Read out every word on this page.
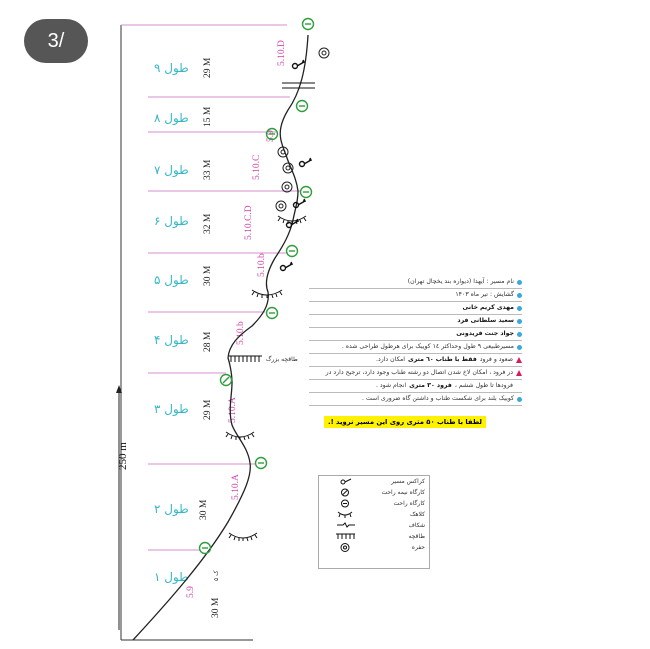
3/
250 m
طول ۹
طول ۸
طول ۷
طول ۶
طول ۵
طول ۴
طول ۳
طول ۲
طول ۱
29 M
15 M
33 M
32 M
30 M
28 M
29 M
30 M
30 M
۵ ک
5.10.D
5.9
5.10.C
5.10.C.D
5.10.b
5.10.b
5.10.A
5.10.A
5.9
طاقچه بزرگ
نام مسیر : آیهدا (دیواره بند یخچال تهران)
گشایش : تیر ماه ۱۴۰۳
مهدی کریم خانی
سعید سلطانی فرد
جواد جنت فریدونی
مسیر‌طبیعی ۹ طول وحداکثر ۱٤ کوییک برای هرطول طراحی شده .
صعود و فرود
فقط با طناب ٦٠ متری
امکان دارد.
در فرود ، امکان لاخ شدن اتصال دو رشته طناب وجود دارد، ترجیح دارد در
فرودها تا طول ششم ،
فرود ۳۰ متری
انجام شود .
کوییک بلند برای شکست طناب و داشتن گاه ضروری است .
لطفا با طناب ۵۰ متری روی این مسیر نروید !.
کراکس مسیر
کارگاه نیمه راحت
کارگاه راحت
کلاهک
شکاف
طاقچه
حفره
